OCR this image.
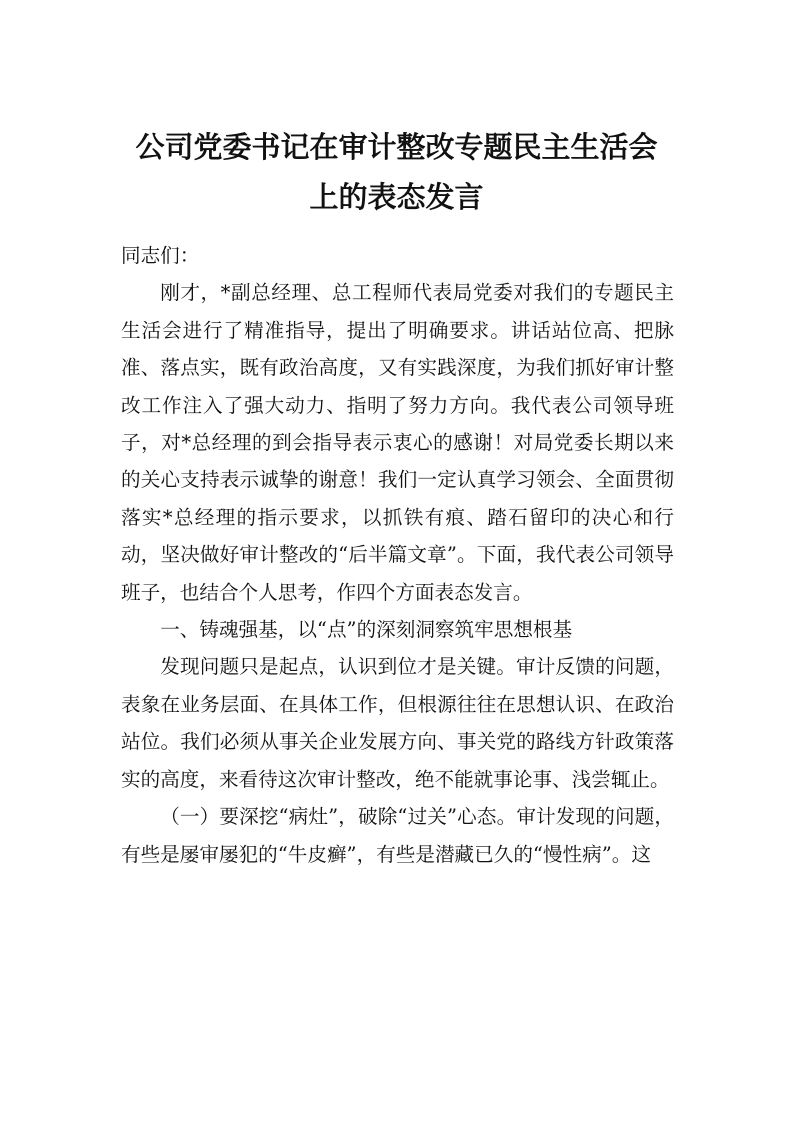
公司党委书记在审计整改专题民主生活会
上的表态发言

同志们：

刚才，*副总经理、总工程师代表局党委对我们的专题民主生活会进行了精准指导，提出了明确要求。讲话站位高、把脉准、落点实，既有政治高度，又有实践深度，为我们抓好审计整改工作注入了强大动力、指明了努力方向。我代表公司领导班子，对*总经理的到会指导表示衷心的感谢！对局党委长期以来的关心支持表示诚挚的谢意！我们一定认真学习领会、全面贯彻落实*总经理的指示要求，以抓铁有痕、踏石留印的决心和行动，坚决做好审计整改的“后半篇文章”。下面，我代表公司领导班子，也结合个人思考，作四个方面表态发言。

一、铸魂强基，以“点”的深刻洞察筑牢思想根基

发现问题只是起点，认识到位才是关键。审计反馈的问题，表象在业务层面、在具体工作，但根源往往在思想认识、在政治站位。我们必须从事关企业发展方向、事关党的路线方针政策落实的高度，来看待这次审计整改，绝不能就事论事、浅尝辄止。

（一）要深挖“病灶”，破除“过关”心态。审计发现的问题，有些是屡审屡犯的“牛皮癣”，有些是潜藏已久的“慢性病”。这
